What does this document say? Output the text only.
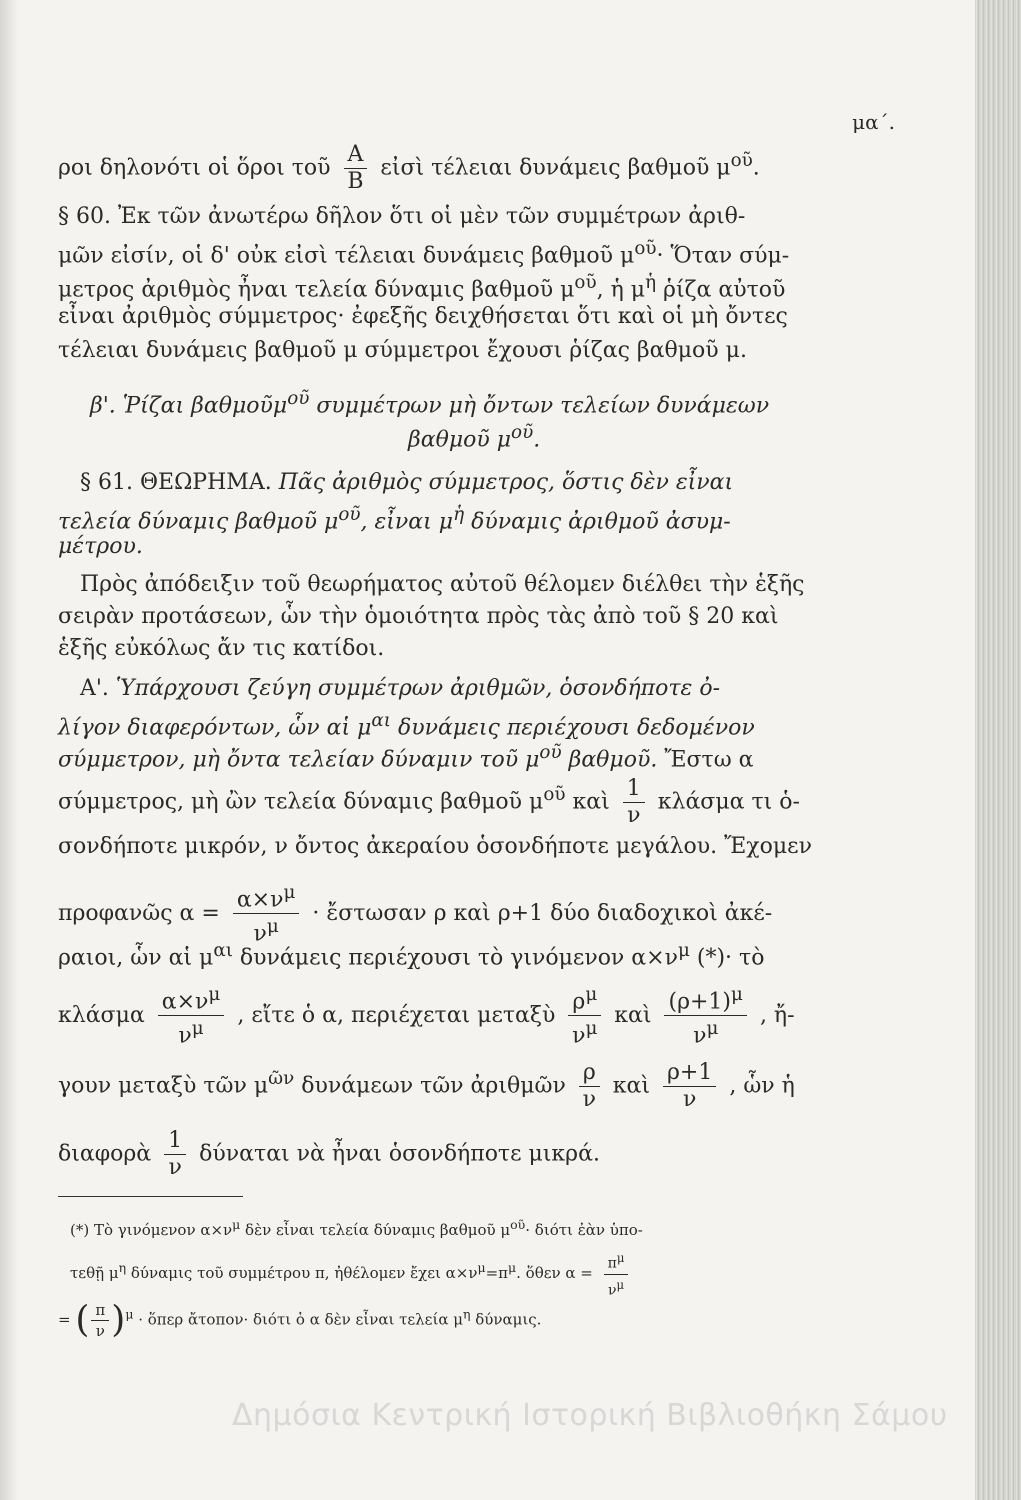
μα΄.
ροι δηλονότι οἱ ὅροι τοῦ $\frac{A}{B}$ εἰσὶ τέλειαι δυνάμεις βαθμοῦ $\mu^{oῦ}$.
§ 60. Ἐκ τῶν ἀνωτέρω δῆλον ὅτι οἱ μὲν τῶν συμμέτρων ἀριθ-
μῶν εἰσίν, οἱ δ' οὐκ εἰσὶ τέλειαι δυνάμεις βαθμοῦ $\mu^{oῦ}\cdot$ Ὅταν σύμ-
μετρος ἀριθμὸς ἦναι τελεία δύναμις βαθμοῦ $\mu^{oῦ}$, ἡ $\mu^ἡ$ ῥίζα αὐτοῦ
εἶναι ἀριθμὸς σύμμετρος· ἐφεξῆς δειχθήσεται ὅτι καὶ οἱ μὴ ὄντες
τέλειαι δυνάμεις βαθμοῦ μ σύμμετροι ἔχουσι ῥίζας βαθμοῦ μ.
β'. Ῥίζαι βαθμοῦμ$^{oῦ}$ συμμέτρων μὴ ὄντων τελείων δυνάμεων
βαθμοῦ $\mu^{oῦ}$.
§ 61. ΘΕΩΡΗΜΑ. Πᾶς ἀριθμὸς σύμμετρος, ὅστις δὲν εἶναι
τελεία δύναμις βαθμοῦ $\mu^{oῦ}$, εἶναι $\mu^ἡ$ δύναμις ἀριθμοῦ ἀσυμ-
μέτρου.
Πρὸς ἀπόδειξιν τοῦ θεωρήματος αὐτοῦ θέλομεν διέλθει τὴν ἑξῆς
σειρὰν προτάσεων, ὧν τὴν ὁμοιότητα πρὸς τὰς ἀπὸ τοῦ § 20 καὶ
ἑξῆς εὐκόλως ἄν τις κατίδοι.
Α'. Ὑπάρχουσι ζεύγη συμμέτρων ἀριθμῶν, ὁσονδήποτε ὀ-
λίγον διαφερόντων, ὧν αἱ $\mu^{\alpha\iota}$ δυνάμεις περιέχουσι δεδομένον
σύμμετρον, μὴ ὄντα τελείαν δύναμιν τοῦ $\mu^{oῦ}$ βαθμοῦ. Ἔστω α
σύμμετρος, μὴ ὢν τελεία δύναμις βαθμοῦ $\mu^{oῦ}$ καὶ $\frac{1}{\nu}$ κλάσμα τι ὁ-
σονδήποτε μικρόν, ν ὄντος ἀκεραίου ὁσονδήποτε μεγάλου. Ἔχομεν
προφανῶς $\alpha = \frac{\alpha\times\nu^\mu}{\nu^\mu}$ · ἔστωσαν ρ καὶ ρ+1 δύο διαδοχικοὶ ἀκέ-
ραιοι, ὧν αἱ $\mu^{\alpha\iota}$ δυνάμεις περιέχουσι τὸ γινόμενον $\alpha\times\nu^\mu$ (*)· τὸ
κλάσμα $\frac{\alpha\times\nu^\mu}{\nu^\mu}$ , εἴτε ὁ α, περιέχεται μεταξὺ $\frac{\rho^\mu}{\nu^\mu}$ καὶ $\frac{(\rho+1)^\mu}{\nu^\mu}$ , ἤ-
γουν μεταξὺ τῶν $\mu^{ῶ\nu}$ δυνάμεων τῶν ἀριθμῶν $\frac{\rho}{\nu}$ καὶ $\frac{\rho+1}{\nu}$ , ὧν ἡ
διαφορὰ $\frac{1}{\nu}$ δύναται νὰ ἦναι ὁσονδήποτε μικρά.
(*) Τὸ γινόμενον $\alpha\times\nu^\mu$ δὲν εἶναι τελεία δύναμις βαθμοῦ $\mu^{oῦ}\cdot \delta\iota ό\tau\iota$ ἐὰν ὑπο-
τεθῇ $\mu^\eta$ δύναμις τοῦ συμμέτρου π, ἠθέλομεν ἔχει $\alpha\times\nu^\mu=\pi^\mu$. ὅθεν $\alpha = \frac{\pi^\mu}{\nu^\mu}$
= ( $\frac{\pi}{\nu} )^\mu$ · ὅπερ ἄτοπον· διότι ὁ α δὲν εἶναι τελεία $\mu^\eta$ δύναμις.
Δημόσια Κεντρική Ιστορική Βιβλιοθήκη Σάμου
